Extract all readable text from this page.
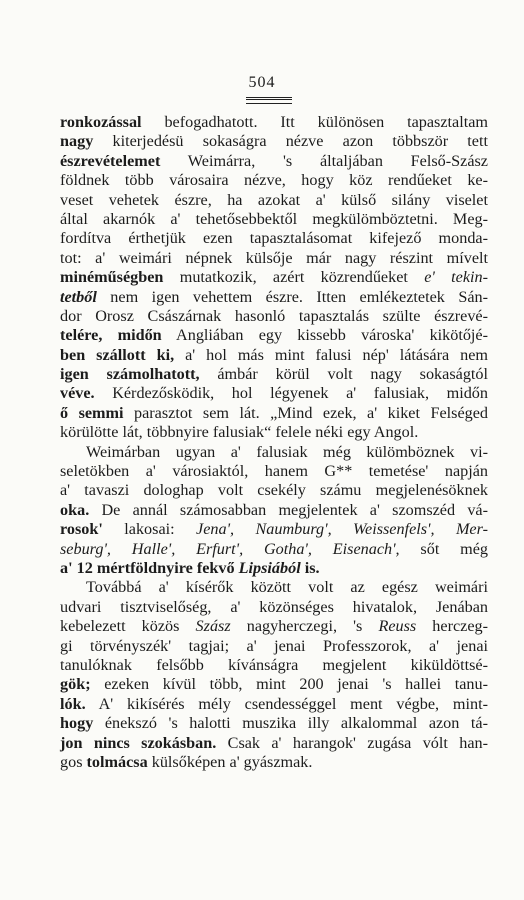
504
ronkozással befogadhatott. Itt különösen tapasztaltam
nagy kiterjedésü sokaságra nézve azon többször tett
észrevételemet Weimárra, 's általjában Felső-Szász
földnek több városaira nézve, hogy köz rendűeket ke-
veset vehetek észre, ha azokat a' külső silány viselet
által akarnók a' tehetősebbektől megkülömböztetni. Meg-
fordítva érthetjük ezen tapasztalásomat kifejező monda-
tot: a' weimári népnek külsője már nagy részint mívelt
minéműségben mutatkozik, azért közrendűeket e' tekin-
tetből nem igen vehettem észre. Itten emlékeztetek Sán-
dor Orosz Császárnak hasonló tapasztalás szülte észrevé-
telére, midőn Angliában egy kissebb városka' kikötőjé-
ben szállott ki, a' hol más mint falusi nép' látására nem
igen számolhatott, ámbár körül volt nagy sokaságtól
véve. Kérdezősködik, hol légyenek a' falusiak, midőn
ő semmi parasztot sem lát. „Mind ezek, a' kiket Felséged
körülötte lát, többnyire falusiak“ felele néki egy Angol.
Weimárban ugyan a' falusiak még külömböznek vi-
seletökben a' városiaktól, hanem G** temetése' napján
a' tavaszi dologhap volt csekély számu megjelenésöknek
oka. De annál számosabban megjelentek a' szomszéd vá-
rosok' lakosai: Jena', Naumburg', Weissenfels', Mer-
seburg', Halle', Erfurt', Gotha', Eisenach', sőt még
a' 12 mértföldnyire fekvő Lipsiából is.
Továbbá a' kísérők között volt az egész weimári
udvari tisztviselőség, a' közönséges hivatalok, Jenában
kebelezett közös Szász nagyherczegi, 's Reuss herczeg-
gi törvényszék' tagjai; a' jenai Professzorok, a' jenai
tanulóknak felsőbb kívánságra megjelent kiküldöttsé-
gök; ezeken kívül több, mint 200 jenai 's hallei tanu-
lók. A' kikísérés mély csendességgel ment végbe, mint-
hogy énekszó 's halotti muszika illy alkalommal azon tá-
jon nincs szokásban. Csak a' harangok' zugása vólt han-
gos tolmácsa külsőképen a' gyászmak.
